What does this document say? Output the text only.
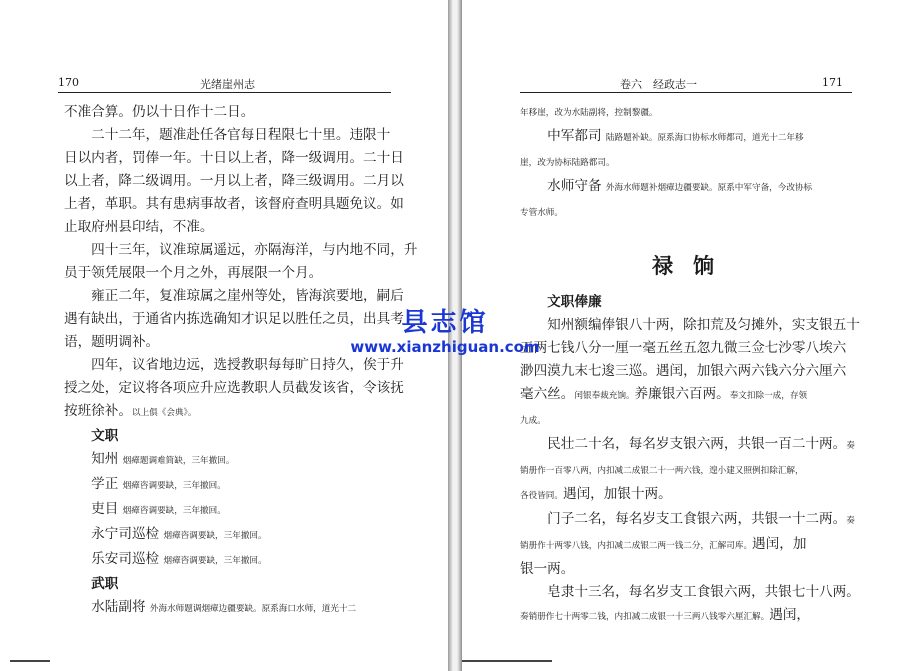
170	光绪崖州志
不准合算。仍以十日作十二日。
　　二十二年，题准赴任各官每日程限七十里。违限十
日以内者，罚俸一年。十日以上者，降一级调用。二十日
以上者，降二级调用。一月以上者，降三级调用。二月以
上者，革职。其有患病事故者，该督府查明具题免议。如
止取府州县印结，不准。
　　四十三年，议准琼属遥远，亦隔海洋，与内地不同，升
员于领凭展限一个月之外，再展限一个月。
　　雍正二年，复准琼属之崖州等处，皆海滨要地，嗣后
遇有缺出，于通省内拣选确知才识足以胜任之员，出具考
语，题明调补。
　　四年，议省地边远，选授教职每每旷日持久，俟于升
授之处，定议将各项应升应选教职人员截发该省，令该抚
按班徐补。以上俱《会典》。
　　文职
　　知州 烟瘴题调难简缺，三年撤回。
　　学正 烟瘴咨调要缺，三年撤回。
　　吏目 烟瘴咨调要缺，三年撤回。
　　永宁司巡检 烟瘴咨调要缺，三年撤回。
　　乐安司巡检 烟瘴咨调要缺，三年撤回。
　　武职
　　水陆副将 外海水师题调烟瘴边疆要缺。原系海口水师，道光十二
卷六　经政志一	171
年移崖，改为水陆副将，控制黎疆。
　　中军都司 陆路题补缺。原系海口协标水师都司，道光十二年移
崖，改为协标陆路都司。
　　水师守备 外海水师题补烟瘴边疆要缺。原系中军守备，今改协标
专管水师。
禄饷
　　文职俸廉
　　知州额编俸银八十两，除扣荒及匀摊外，实支银五十
五两七钱八分一厘一毫五丝五忽九微三佥七沙零八埃六
渺四漠九末七逡三巡。遇闰，加银六两六钱六分六厘六
毫六丝。闰银奉裁充饷。养廉银六百两。奉文扣除一成，存领
九成。
　　民壮二十名，每名岁支银六两，共银一百二十两。奏
销册作一百零八两，内扣减二成银二十一两六钱，遑小建又照例扣除汇解，
各役皆同。遇闰，加银十两。
　　门子二名，每名岁支工食银六两，共银一十二两。奏
销册作十两零八钱，内扣减二成银二两一钱二分，汇解司库。遇闰，加
银一两。
　　皂隶十三名，每名岁支工食银六两，共银七十八两。
奏销册作七十两零二钱，内扣减二成银一十三两八钱零六厘汇解。遇闰，
县志馆
www.xianzhiguan.com
